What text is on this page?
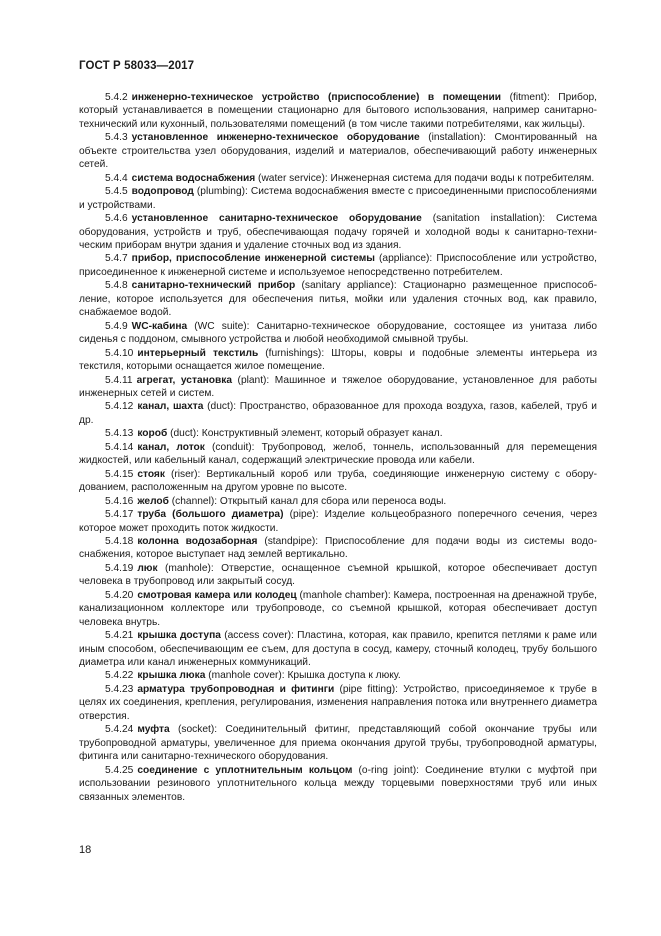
ГОСТ Р 58033—2017

5.4.2 инженерно-техническое устройство (приспособление) в помещении (fitment): Прибор, который устанавливается в помещении стационарно для бытового использования, например санитарно-технический или кухонный, пользователями помещений (в том числе такими потребителями, как жильцы).

5.4.3 установленное инженерно-техническое оборудование (installation): Смонтированный на объекте строительства узел оборудования, изделий и материалов, обеспечивающий работу инженерных сетей.

5.4.4 система водоснабжения (water service): Инженерная система для подачи воды к потребителям.

5.4.5 водопровод (plumbing): Система водоснабжения вместе с присоединенными приспособлениями и устройствами.

5.4.6 установленное санитарно-техническое оборудование (sanitation installation): Система оборудования, устройств и труб, обеспечивающая подачу горячей и холодной воды к санитарно-техническим приборам внутри здания и удаление сточных вод из здания.

5.4.7 прибор, приспособление инженерной системы (appliance): Приспособление или устройство, присоединенное к инженерной системе и используемое непосредственно потребителем.

5.4.8 санитарно-технический прибор (sanitary appliance): Стационарно размещенное приспособление, которое используется для обеспечения питья, мойки или удаления сточных вод, как правило, снабжаемое водой.

5.4.9 WC-кабина (WC suite): Санитарно-техническое оборудование, состоящее из унитаза либо сиденья с поддоном, смывного устройства и любой необходимой смывной трубы.

5.4.10 интерьерный текстиль (furnishings): Шторы, ковры и подобные элементы интерьера из текстиля, которыми оснащается жилое помещение.

5.4.11 агрегат, установка (plant): Машинное и тяжелое оборудование, установленное для работы инженерных сетей и систем.

5.4.12 канал, шахта (duct): Пространство, образованное для прохода воздуха, газов, кабелей, труб и др.

5.4.13 короб (duct): Конструктивный элемент, который образует канал.

5.4.14 канал, лоток (conduit): Трубопровод, желоб, тоннель, использованный для перемещения жидкостей, или кабельный канал, содержащий электрические провода или кабели.

5.4.15 стояк (riser): Вертикальный короб или труба, соединяющие инженерную систему с оборудованием, расположенным на другом уровне по высоте.

5.4.16 желоб (channel): Открытый канал для сбора или переноса воды.

5.4.17 труба (большого диаметра) (pipe): Изделие кольцеобразного поперечного сечения, через которое может проходить поток жидкости.

5.4.18 колонна водозаборная (standpipe): Приспособление для подачи воды из системы водоснабжения, которое выступает над землей вертикально.

5.4.19 люк (manhole): Отверстие, оснащенное съемной крышкой, которое обеспечивает доступ человека в трубопровод или закрытый сосуд.

5.4.20 смотровая камера или колодец (manhole chamber): Камера, построенная на дренажной трубе, канализационном коллекторе или трубопроводе, со съемной крышкой, которая обеспечивает доступ человека внутрь.

5.4.21 крышка доступа (access cover): Пластина, которая, как правило, крепится петлями к раме или иным способом, обеспечивающим ее съем, для доступа в сосуд, камеру, сточный колодец, трубу большого диаметра или канал инженерных коммуникаций.

5.4.22 крышка люка (manhole cover): Крышка доступа к люку.

5.4.23 арматура трубопроводная и фитинги (pipe fitting): Устройство, присоединяемое к трубе в целях их соединения, крепления, регулирования, изменения направления потока или внутреннего диаметра отверстия.

5.4.24 муфта (socket): Соединительный фитинг, представляющий собой окончание трубы или трубопроводной арматуры, увеличенное для приема окончания другой трубы, трубопроводной арматуры, фитинга или санитарно-технического оборудования.

5.4.25 соединение с уплотнительным кольцом (o-ring joint): Соединение втулки с муфтой при использовании резинового уплотнительного кольца между торцевыми поверхностями труб или иных связанных элементов.

18
